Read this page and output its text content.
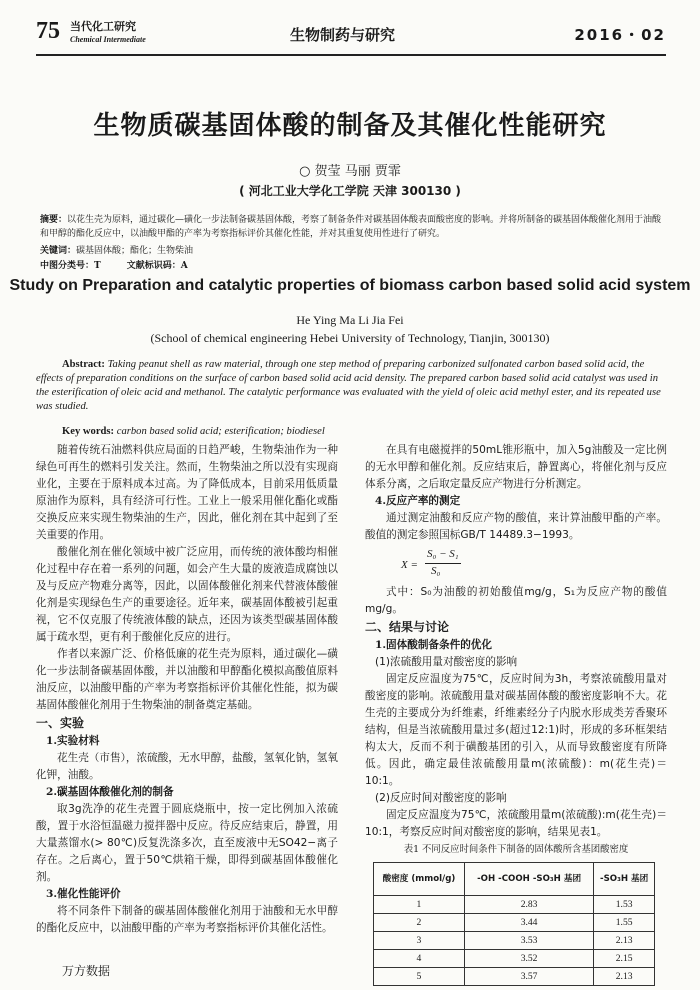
75 当代化工研究
Chemical Intermediate	生物制药与研究	2016・02
生物质碳基固体酸的制备及其催化性能研究
○ 贺莹 马丽 贾霏
( 河北工业大学化工学院 天津 300130 )
摘要：以花生壳为原料，通过碳化—磺化一步法制备碳基固体酸，考察了制备条件对碳基固体酸表面酸密度的影响。并将所制备的碳基固体酸催化剂用于油酸和甲醇的酯化反应中，以油酸甲酯的产率为考察指标评价其催化性能，并对其重复使用性进行了研究。
关键词：碳基固体酸；酯化；生物柴油
中图分类号：T	文献标识码：A
Study on Preparation and catalytic properties of biomass carbon based solid acid system
He Ying Ma Li Jia Fei
(School of chemical engineering Hebei University of Technology, Tianjin, 300130)
Abstract: Taking peanut shell as raw material, through one step method of preparing carbonized sulfonated carbon based solid acid, the effects of preparation conditions on the surface of carbon based solid acid acid density. The prepared carbon based solid acid catalyst was used in the esterification of oleic acid and methanol. The catalytic performance was evaluated with the yield of oleic acid methyl ester, and its repeated use was studied.
Key words: carbon based solid acid; esterification; biodiesel

随着传统石油燃料供应局面的日趋严峻，生物柴油作为一种绿色可再生的燃料引发关注。然而，生物柴油之所以没有实现商业化，主要在于原料成本过高。为了降低成本，目前采用低质量原油作为原料，具有经济可行性。工业上一般采用催化酯化或酯交换反应来实现生物柴油的生产，因此，催化剂在其中起到了至关重要的作用。

酸催化剂在催化领域中被广泛应用，而传统的液体酸均相催化过程中存在着一系列的问题，如会产生大量的废液造成腐蚀以及与反应产物难分离等，因此，以固体酸催化剂来代替液体酸催化剂是实现绿色生产的重要途径。近年来，碳基固体酸被引起重视，它不仅克服了传统液体酸的缺点，还因为该类型碳基固体酸属于疏水型，更有利于酸催化反应的进行。

作者以来源广泛、价格低廉的花生壳为原料，通过碳化—磺化一步法制备碳基固体酸，并以油酸和甲醇酯化模拟高酸值原料油反应，以油酸甲酯的产率为考察指标评价其催化性能，拟为碳基固体酸催化剂用于生物柴油的制备奠定基础。

一、实验

1.实验材料

花生壳（市售），浓硫酸，无水甲醇，盐酸，氢氧化钠，氢氧化钾，油酸。

2.碳基固体酸催化剂的制备

取3g洗净的花生壳置于圆底烧瓶中，按一定比例加入浓硫酸，置于水浴恒温磁力搅拌器中反应。待反应结束后，静置，用大量蒸馏水(> 80℃)反复洗涤多次，直至废液中无SO42−离子存在。之后离心，置于50℃烘箱干燥，即得到碳基固体酸催化剂。

3.催化性能评价

将不同条件下制备的碳基固体酸催化剂用于油酸和无水甲醇的酯化反应中，以油酸甲酯的产率为考察指标评价其催化活性。

在具有电磁搅拌的50mL锥形瓶中，加入5g油酸及一定比例的无水甲醇和催化剂。反应结束后，静置离心，将催化剂与反应体系分离，之后取定量反应产物进行分析测定。

4.反应产率的测定

通过测定油酸和反应产物的酸值，来计算油酸甲酯的产率。酸值的测定参照国标GB/T 14489.3−1993。

X =
S₀ − S₁
S₀

式中：S₀为油酸的初始酸值mg/g，S₁为反应产物的酸值mg/g。

二、结果与讨论

1.固体酸制备条件的优化

(1)浓硫酸用量对酸密度的影响

固定反应温度为75℃，反应时间为3h，考察浓硫酸用量对酸密度的影响。浓硫酸用量对碳基固体酸的酸密度影响不大。花生壳的主要成分为纤维素，纤维素经分子内脱水形成类芳香聚环结构，但是当浓硫酸用量过多(超过12:1)时，形成的多环框架结构太大，反而不利于磺酸基团的引入，从而导致酸密度有所降低。因此，确定最佳浓硫酸用量m(浓硫酸)：m(花生壳)＝10:1。

(2)反应时间对酸密度的影响

固定反应温度为75℃，浓硫酸用量m(浓硫酸):m(花生壳)＝10:1，考察反应时间对酸密度的影响，结果见表1。

表1 不同反应时间条件下制备的固体酸所含基团酸密度
酸密度 (mmol/g)	-OH -COOH -SO₃H 基团	-SO₃H 基团
1	2.83	1.53
2	3.44	1.55
3	3.53	2.13
4	3.52	2.15
5	3.57	2.13
万方数据
